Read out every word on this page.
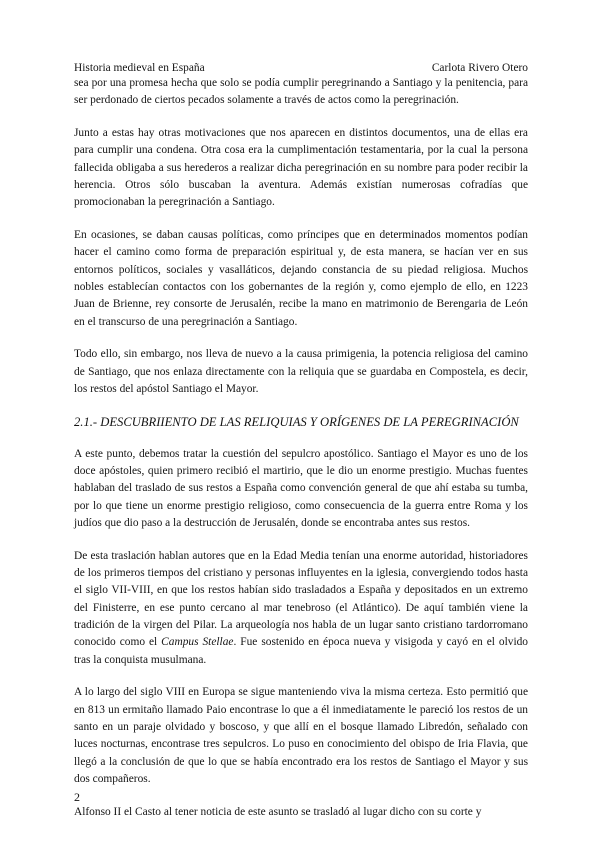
Historia medieval en España	Carlota Rivero Otero

sea por una promesa hecha que solo se podía cumplir peregrinando a Santiago y la penitencia, para ser perdonado de ciertos pecados solamente a través de actos como la peregrinación.

Junto a estas hay otras motivaciones que nos aparecen en distintos documentos, una de ellas era para cumplir una condena. Otra cosa era la cumplimentación testamentaria, por la cual la persona fallecida obligaba a sus herederos a realizar dicha peregrinación en su nombre para poder recibir la herencia. Otros sólo buscaban la aventura. Además existían numerosas cofradías que promocionaban la peregrinación a Santiago.

En ocasiones, se daban causas políticas, como príncipes que en determinados momentos podían hacer el camino como forma de preparación espiritual y, de esta manera, se hacían ver en sus entornos políticos, sociales y vasalláticos, dejando constancia de su piedad religiosa. Muchos nobles establecían contactos con los gobernantes de la región y, como ejemplo de ello, en 1223 Juan de Brienne, rey consorte de Jerusalén, recibe la mano en matrimonio de Berengaria de León en el transcurso de una peregrinación a Santiago.

Todo ello, sin embargo, nos lleva de nuevo a la causa primigenia, la potencia religiosa del camino de Santiago, que nos enlaza directamente con la reliquia que se guardaba en Compostela, es decir, los restos del apóstol Santiago el Mayor.

2.1.- DESCUBRIIENTO DE LAS RELIQUIAS Y ORÍGENES DE LA PEREGRINACIÓN

A este punto, debemos tratar la cuestión del sepulcro apostólico. Santiago el Mayor es uno de los doce apóstoles, quien primero recibió el martirio, que le dio un enorme prestigio. Muchas fuentes hablaban del traslado de sus restos a España como convención general de que ahí estaba su tumba, por lo que tiene un enorme prestigio religioso, como consecuencia de la guerra entre Roma y los judíos que dio paso a la destrucción de Jerusalén, donde se encontraba antes sus restos.

De esta traslación hablan autores que en la Edad Media tenían una enorme autoridad, historiadores de los primeros tiempos del cristiano y personas influyentes en la iglesia, convergiendo todos hasta el siglo VII-VIII, en que los restos habían sido trasladados a España y depositados en un extremo del Finisterre, en ese punto cercano al mar tenebroso (el Atlántico). De aquí también viene la tradición de la virgen del Pilar. La arqueología nos habla de un lugar santo cristiano tardorromano conocido como el Campus Stellae. Fue sostenido en época nueva y visigoda y cayó en el olvido tras la conquista musulmana.

A lo largo del siglo VIII en Europa se sigue manteniendo viva la misma certeza. Esto permitió que en 813 un ermitaño llamado Paio encontrase lo que a él inmediatamente le pareció los restos de un santo en un paraje olvidado y boscoso, y que allí en el bosque llamado Libredón, señalado con luces nocturnas, encontrase tres sepulcros. Lo puso en conocimiento del obispo de Iria Flavia, que llegó a la conclusión de que lo que se había encontrado era los restos de Santiago el Mayor y sus dos compañeros.

Alfonso II el Casto al tener noticia de este asunto se trasladó al lugar dicho con su corte y

2
